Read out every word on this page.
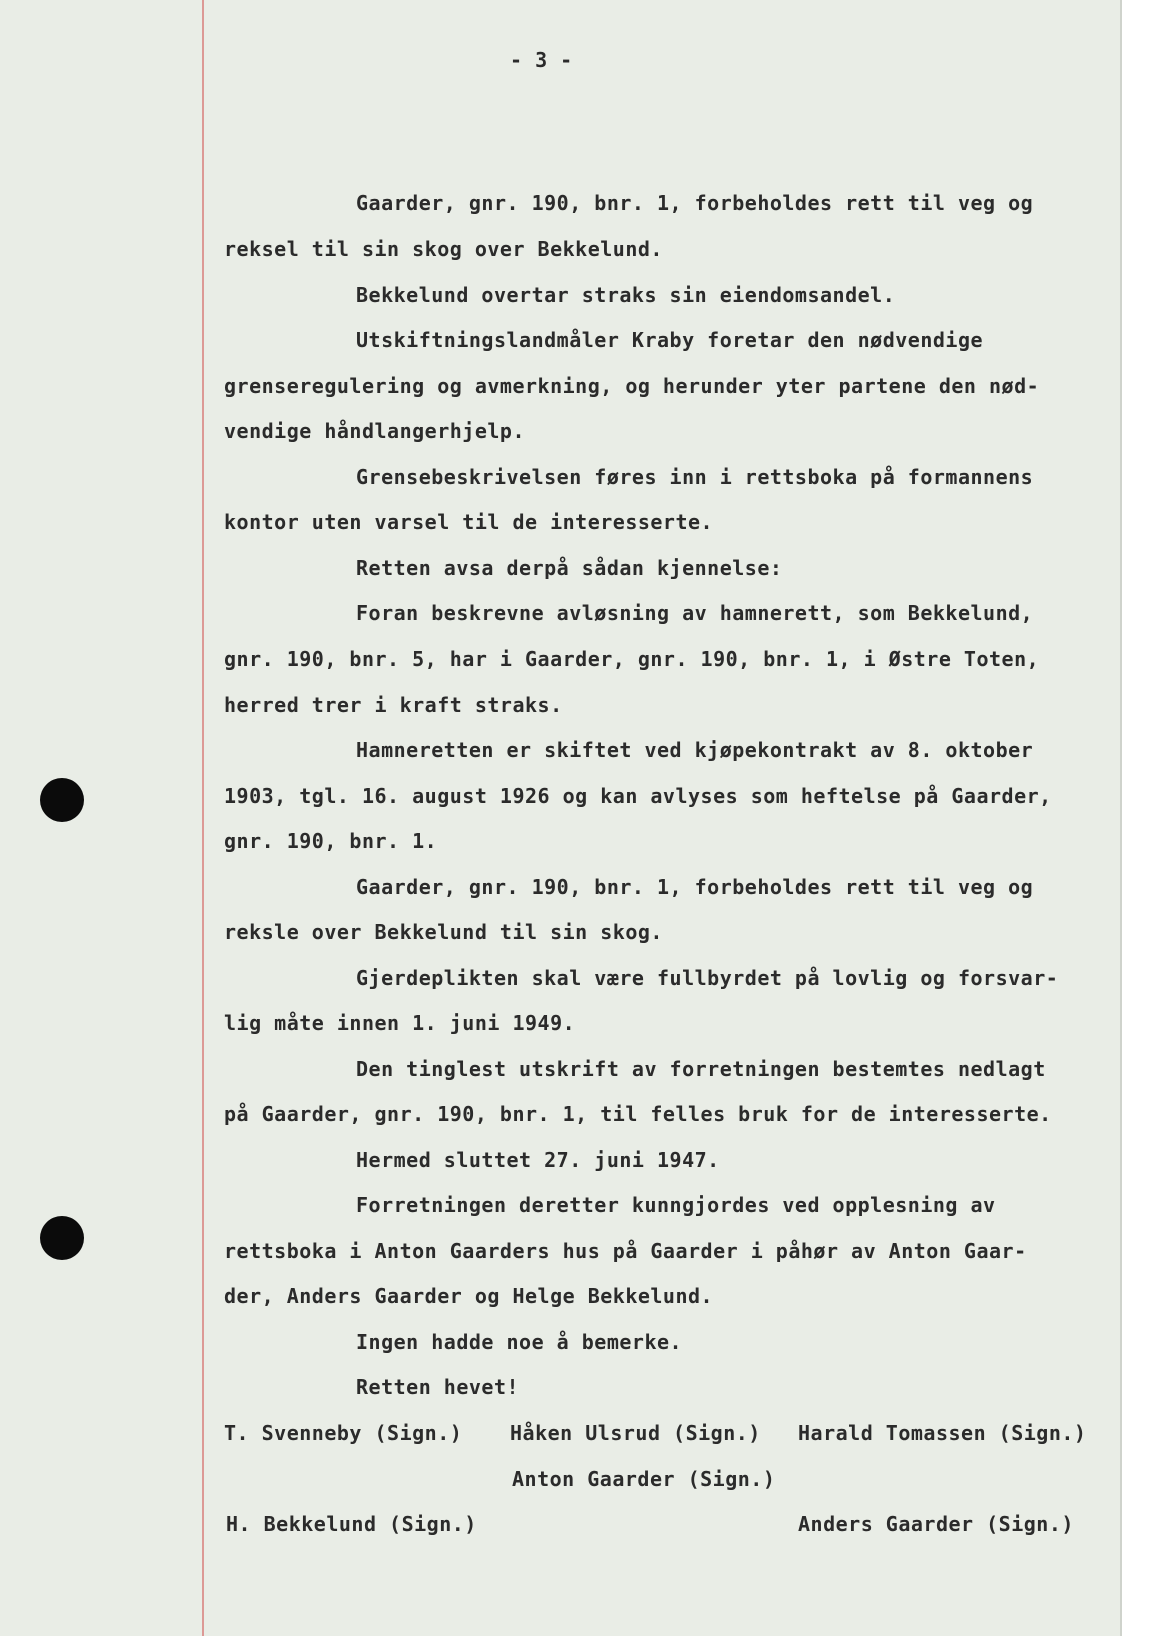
- 3 -
Gaarder, gnr. 190, bnr. 1, forbeholdes rett til veg og
reksel til sin skog over Bekkelund.
Bekkelund overtar straks sin eiendomsandel.
Utskiftningslandmåler Kraby foretar den nødvendige
grenseregulering og avmerkning, og herunder yter partene den nød-
vendige håndlangerhjelp.
Grensebeskrivelsen føres inn i rettsboka på formannens
kontor uten varsel til de interesserte.
Retten avsa derpå sådan kjennelse:
Foran beskrevne avløsning av hamnerett, som Bekkelund,
gnr. 190, bnr. 5, har i Gaarder, gnr. 190, bnr. 1, i Østre Toten,
herred trer i kraft straks.
Hamneretten er skiftet ved kjøpekontrakt av 8. oktober
1903, tgl. 16. august 1926 og kan avlyses som heftelse på Gaarder,
gnr. 190, bnr. 1.
Gaarder, gnr. 190, bnr. 1, forbeholdes rett til veg og
reksle over Bekkelund til sin skog.
Gjerdeplikten skal være fullbyrdet på lovlig og forsvar-
lig måte innen 1. juni 1949.
Den tinglest utskrift av forretningen bestemtes nedlagt
på Gaarder, gnr. 190, bnr. 1, til felles bruk for de interesserte.
Hermed sluttet 27. juni 1947.
Forretningen deretter kunngjordes ved opplesning av
rettsboka i Anton Gaarders hus på Gaarder i påhør av Anton Gaar-
der, Anders Gaarder og Helge Bekkelund.
Ingen hadde noe å bemerke.
Retten hevet!
T. Svenneby (Sign.) Håken Ulsrud (Sign.) Harald Tomassen (Sign.)
Anton Gaarder (Sign.)
H. Bekkelund (Sign.)	Anders Gaarder (Sign.)
